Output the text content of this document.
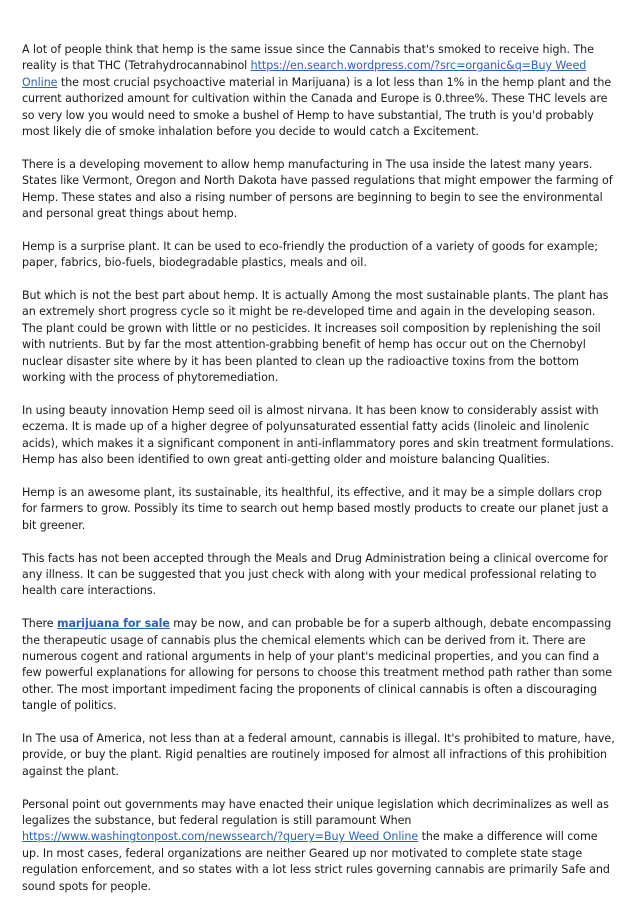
A lot of people think that hemp is the same issue since the Cannabis that's smoked to receive high. The reality is that THC (Tetrahydrocannabinol https://en.search.wordpress.com/?src=organic&q=Buy Weed Online the most crucial psychoactive material in Marijuana) is a lot less than 1% in the hemp plant and the current authorized amount for cultivation within the Canada and Europe is 0.three%. These THC levels are so very low you would need to smoke a bushel of Hemp to have substantial, The truth is you'd probably most likely die of smoke inhalation before you decide to would catch a Excitement.

There is a developing movement to allow hemp manufacturing in The usa inside the latest many years. States like Vermont, Oregon and North Dakota have passed regulations that might empower the farming of Hemp. These states and also a rising number of persons are beginning to begin to see the environmental and personal great things about hemp.

Hemp is a surprise plant. It can be used to eco-friendly the production of a variety of goods for example; paper, fabrics, bio-fuels, biodegradable plastics, meals and oil.

But which is not the best part about hemp. It is actually Among the most sustainable plants. The plant has an extremely short progress cycle so it might be re-developed time and again in the developing season. The plant could be grown with little or no pesticides. It increases soil composition by replenishing the soil with nutrients. But by far the most attention-grabbing benefit of hemp has occur out on the Chernobyl nuclear disaster site where by it has been planted to clean up the radioactive toxins from the bottom working with the process of phytoremediation.

In using beauty innovation Hemp seed oil is almost nirvana. It has been know to considerably assist with eczema. It is made up of a higher degree of polyunsaturated essential fatty acids (linoleic and linolenic acids), which makes it a significant component in anti-inflammatory pores and skin treatment formulations. Hemp has also been identified to own great anti-getting older and moisture balancing Qualities.

Hemp is an awesome plant, its sustainable, its healthful, its effective, and it may be a simple dollars crop for farmers to grow. Possibly its time to search out hemp based mostly products to create our planet just a bit greener.

This facts has not been accepted through the Meals and Drug Administration being a clinical overcome for any illness. It can be suggested that you just check with along with your medical professional relating to health care interactions.

There marijuana for sale may be now, and can probable be for a superb although, debate encompassing the therapeutic usage of cannabis plus the chemical elements which can be derived from it. There are numerous cogent and rational arguments in help of your plant's medicinal properties, and you can find a few powerful explanations for allowing for persons to choose this treatment method path rather than some other. The most important impediment facing the proponents of clinical cannabis is often a discouraging tangle of politics.

In The usa of America, not less than at a federal amount, cannabis is illegal. It's prohibited to mature, have, provide, or buy the plant. Rigid penalties are routinely imposed for almost all infractions of this prohibition against the plant.

Personal point out governments may have enacted their unique legislation which decriminalizes as well as legalizes the substance, but federal regulation is still paramount When https://www.washingtonpost.com/newssearch/?query=Buy Weed Online the make a difference will come up. In most cases, federal organizations are neither Geared up nor motivated to complete state stage regulation enforcement, and so states with a lot less strict rules governing cannabis are primarily Safe and sound spots for people.
